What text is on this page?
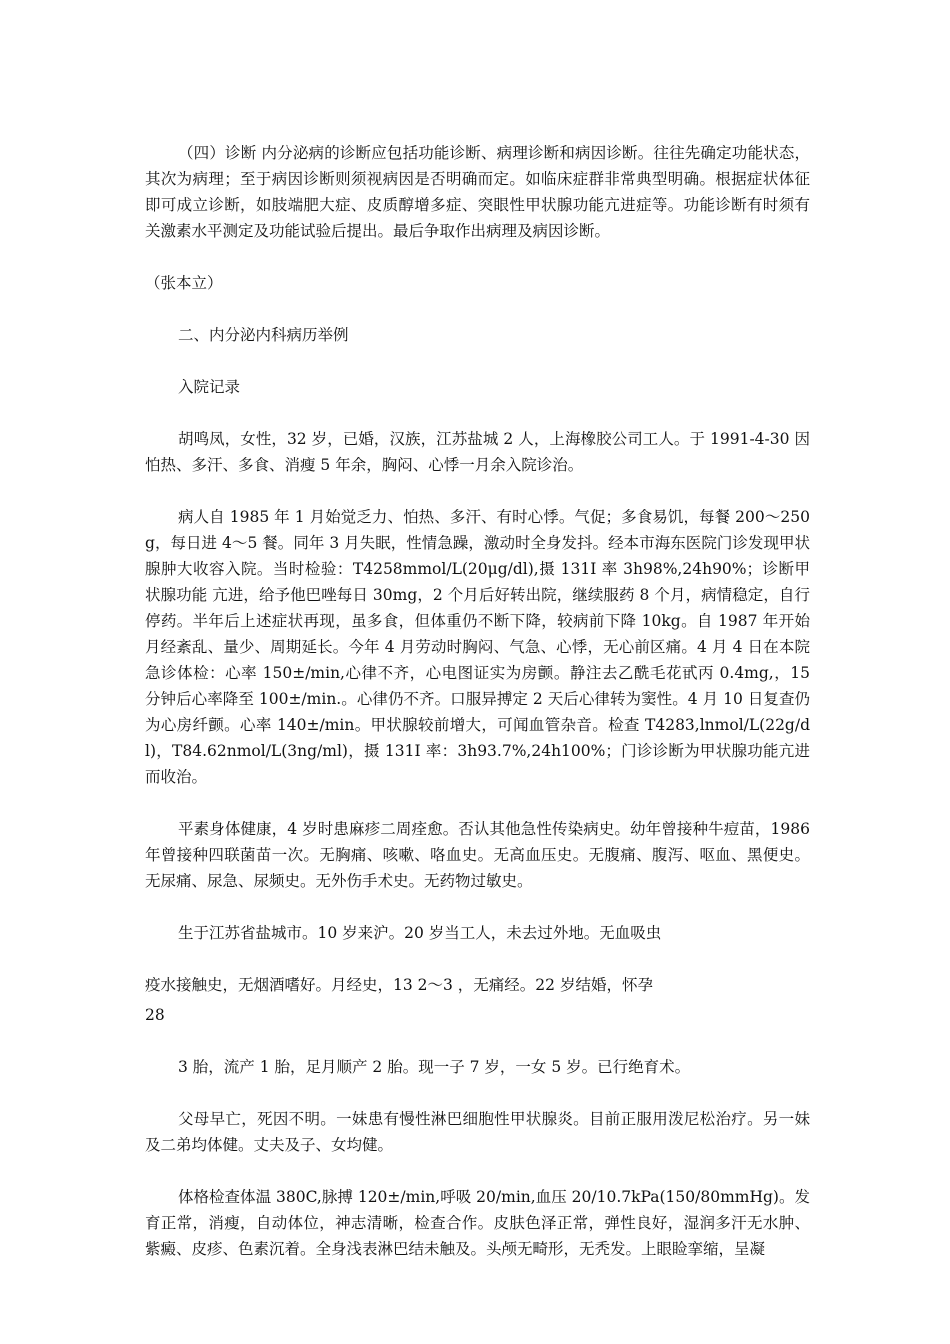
（四）诊断 内分泌病的诊断应包括功能诊断、病理诊断和病因诊断。往往先确定功能状态，其次为病理；至于病因诊断则须视病因是否明确而定。如临床症群非常典型明确。根据症状体征即可成立诊断，如肢端肥大症、皮质醇增多症、突眼性甲状腺功能亢进症等。功能诊断有时须有关激素水平测定及功能试验后提出。最后争取作出病理及病因诊断。

（张本立）

二、内分泌内科病历举例

入院记录

胡鸣凤，女性，32 岁，已婚，汉族，江苏盐城 2 人，上海橡胶公司工人。于 1991-4-30 因怕热、多汗、多食、消瘦 5 年余，胸闷、心悸一月余入院诊治。

病人自 1985 年 1 月始觉乏力、怕热、多汗、有时心悸。气促；多食易饥，每餐 200～250g，每日进 4～5 餐。同年 3 月失眠，性情急躁，激动时全身发抖。经本市海东医院门诊发现甲状腺肿大收容入院。当时检验：T4258mmol/L(20μg/dl),摄 131I 率 3h98%,24h90%；诊断甲状腺功能 亢进，给予他巴唑每日 30mg，2 个月后好转出院，继续服药 8 个月，病情稳定，自行停药。半年后上述症状再现，虽多食，但体重仍不断下降，较病前下降 10kg。自 1987 年开始月经紊乱、量少、周期延长。今年 4 月劳动时胸闷、气急、心悸，无心前区痛。4 月 4 日在本院急诊体检：心率 150±/min,心律不齐，心电图证实为房颤。静注去乙酰毛花甙丙 0.4mg,，15 分钟后心率降至 100±/min.。心律仍不齐。口服异搏定 2 天后心律转为窦性。4 月 10 日复查仍为心房纤颤。心率 140±/min。甲状腺较前增大，可闻血管杂音。检查 T4283,lnmol/L(22g/dl)，T84.62nmol/L(3ng/ml)，摄 131I 率：3h93.7%,24h100%；门诊诊断为甲状腺功能亢进而收治。

平素身体健康，4 岁时患麻疹二周痊愈。否认其他急性传染病史。幼年曾接种牛痘苗，1986 年曾接种四联菌苗一次。无胸痛、咳嗽、咯血史。无高血压史。无腹痛、腹泻、呕血、黑便史。无尿痛、尿急、尿频史。无外伤手术史。无药物过敏史。

生于江苏省盐城市。10 岁来沪。20 岁当工人，未去过外地。无血吸虫

疫水接触史，无烟酒嗜好。月经史，13 2～3 ，无痛经。22 岁结婚，怀孕

28

3 胎，流产 1 胎，足月顺产 2 胎。现一子 7 岁，一女 5 岁。已行绝育术。

父母早亡，死因不明。一妹患有慢性淋巴细胞性甲状腺炎。目前正服用泼尼松治疗。另一妹及二弟均体健。丈夫及子、女均健。

体格检查体温 380C,脉搏 120±/min,呼吸 20/min,血压 20/10.7kPa(150/80mmHg)。发育正常，消瘦，自动体位，神志清晰，检查合作。皮肤色泽正常，弹性良好，湿润多汗无水肿、紫癜、皮疹、色素沉着。全身浅表淋巴结未触及。头颅无畸形，无秃发。上眼睑挛缩，呈凝
